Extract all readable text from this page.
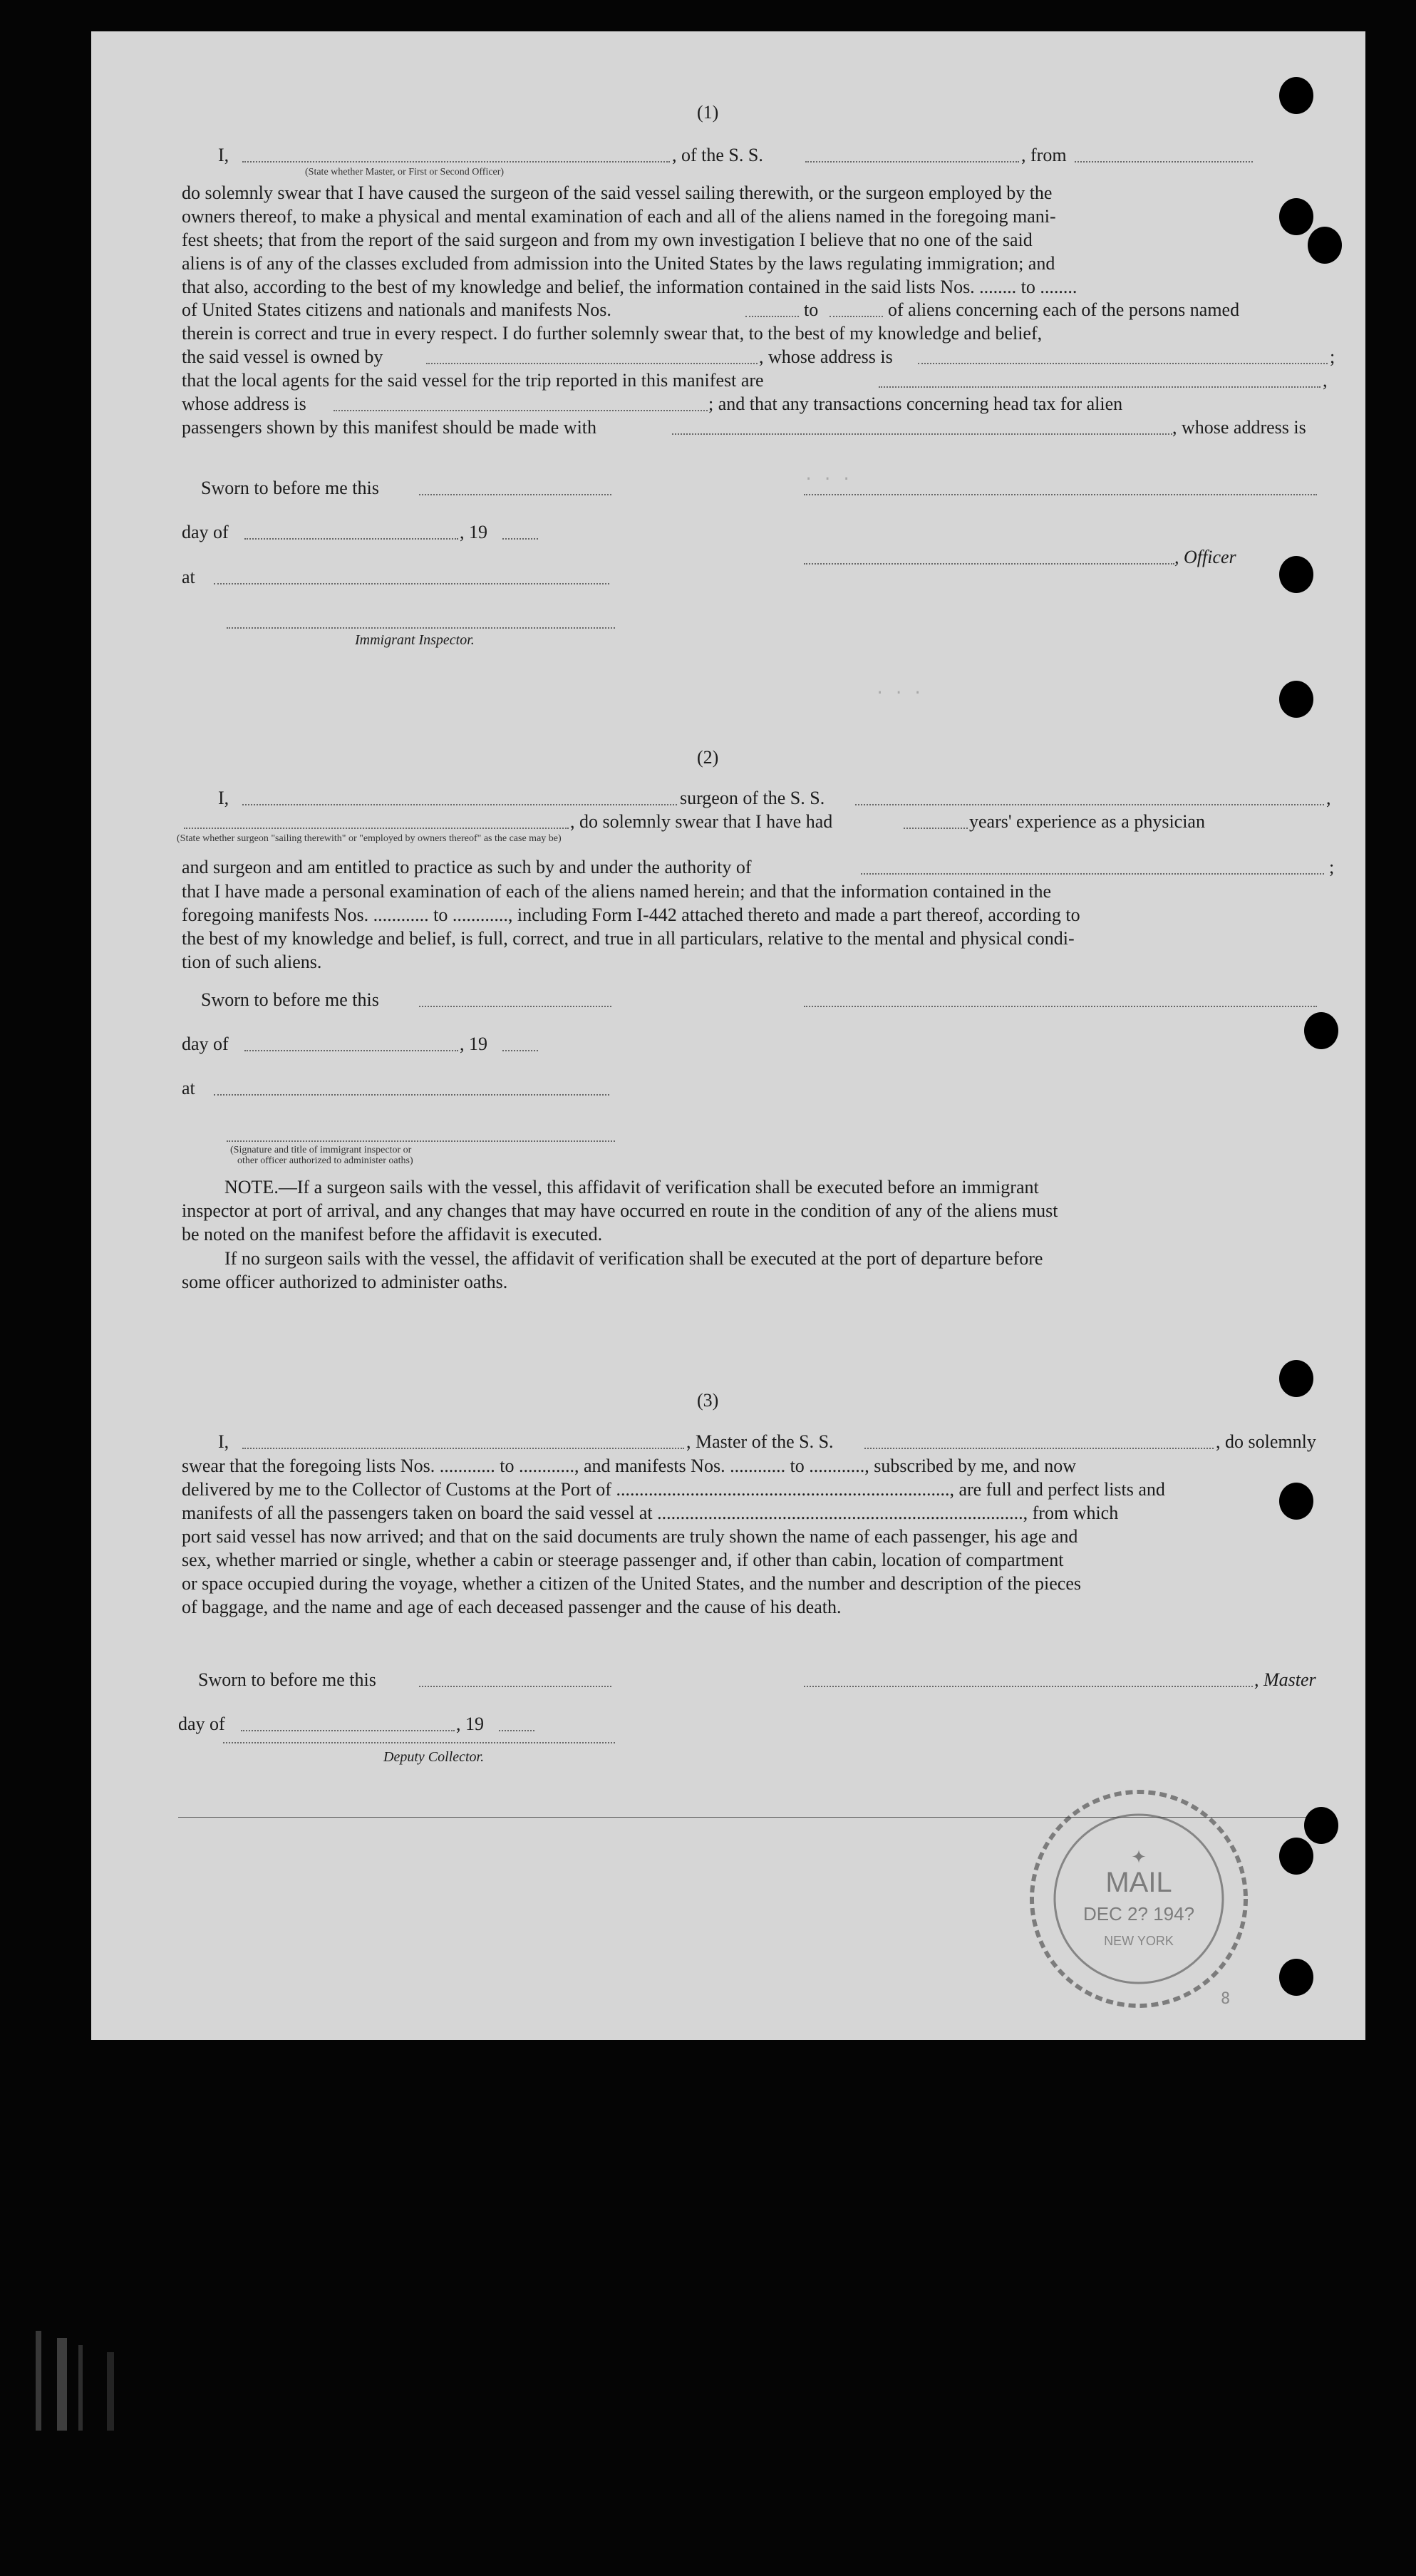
(1)
I,	, of the S. S.	, from
(State whether Master, or First or Second Officer)
do solemnly swear that I have caused the surgeon of the said vessel sailing therewith, or the surgeon employed by the
owners thereof, to make a physical and mental examination of each and all of the aliens named in the foregoing mani-
fest sheets; that from the report of the said surgeon and from my own investigation I believe that no one of the said
aliens is of any of the classes excluded from admission into the United States by the laws regulating immigration; and
that also, according to the best of my knowledge and belief, the information contained in the said lists Nos. ........ to ........
of United States citizens and nationals and manifests Nos.	to	of aliens concerning each of the persons named
therein is correct and true in every respect. I do further solemnly swear that, to the best of my knowledge and belief,
the said vessel is owned by	, whose address is	;
that the local agents for the said vessel for the trip reported in this manifest are	,
whose address is	; and that any transactions concerning head tax for alien
passengers shown by this manifest should be made with	, whose address is
Sworn to before me this
day of	, 19
, Officer
at
Immigrant Inspector.
. . .
. . .
(2)
I,	surgeon of the S. S.	,
, do solemnly swear that I have had	years' experience as a physician
(State whether surgeon "sailing therewith" or "employed by owners thereof" as the case may be)
and surgeon and am entitled to practice as such by and under the authority of	;
that I have made a personal examination of each of the aliens named herein; and that the information contained in the
foregoing manifests Nos. ............ to ............, including Form I-442 attached thereto and made a part thereof, according to
the best of my knowledge and belief, is full, correct, and true in all particulars, relative to the mental and physical condi-
tion of such aliens.
Sworn to before me this
day of	, 19
at
(Signature and title of immigrant inspector or
other officer authorized to administer oaths)
NOTE.—If a surgeon sails with the vessel, this affidavit of verification shall be executed before an immigrant
inspector at port of arrival, and any changes that may have occurred en route in the condition of any of the aliens must
be noted on the manifest before the affidavit is executed.
If no surgeon sails with the vessel, the affidavit of verification shall be executed at the port of departure before
some officer authorized to administer oaths.
(3)
I,	, Master of the S. S.	, do solemnly
swear that the foregoing lists Nos. ............ to ............, and manifests Nos. ............ to ............, subscribed by me, and now
delivered by me to the Collector of Customs at the Port of ........................................................................, are full and perfect lists and
manifests of all the passengers taken on board the said vessel at ..............................................................................., from which
port said vessel has now arrived; and that on the said documents are truly shown the name of each passenger, his age and
sex, whether married or single, whether a cabin or steerage passenger and, if other than cabin, location of compartment
or space occupied during the voyage, whether a citizen of the United States, and the number and description of the pieces
of baggage, and the name and age of each deceased passenger and the cause of his death.
Sworn to before me this	, Master
day of	, 19
Deputy Collector.
✦
MAIL
DEC 2? 194?
NEW YORK
8
